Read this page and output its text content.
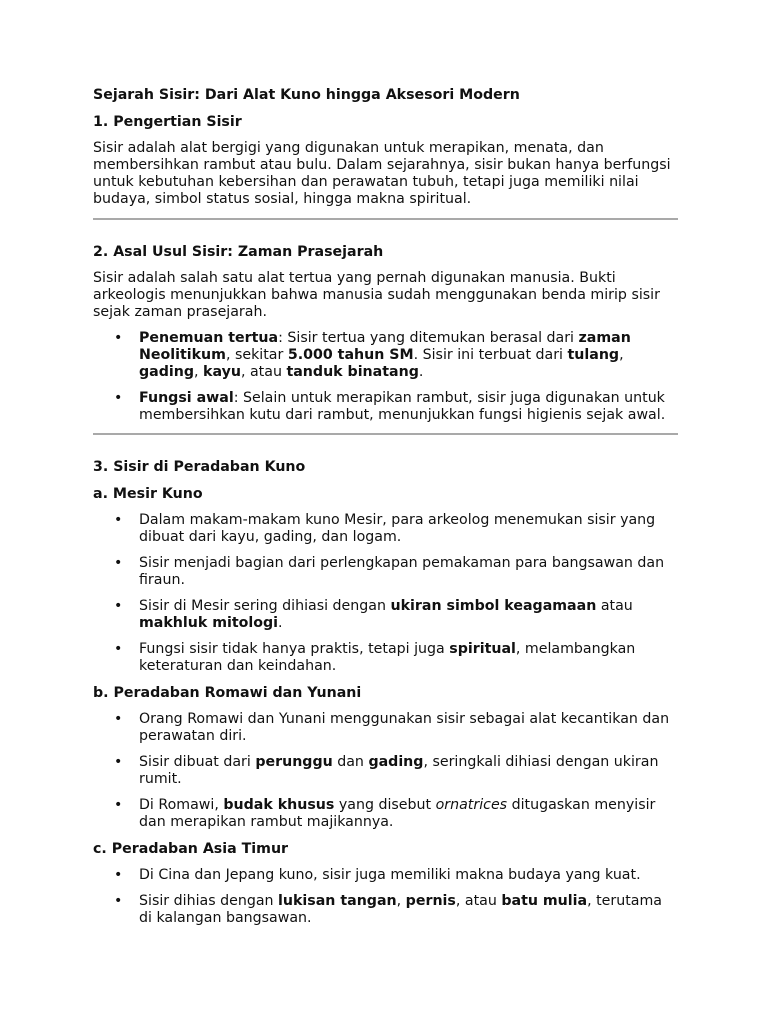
Sejarah Sisir: Dari Alat Kuno hingga Aksesori Modern
1. Pengertian Sisir

Sisir adalah alat bergigi yang digunakan untuk merapikan, menata, dan membersihkan rambut atau bulu. Dalam sejarahnya, sisir bukan hanya berfungsi untuk kebutuhan kebersihan dan perawatan tubuh, tetapi juga memiliki nilai budaya, simbol status sosial, hingga makna spiritual.

2. Asal Usul Sisir: Zaman Prasejarah

Sisir adalah salah satu alat tertua yang pernah digunakan manusia. Bukti arkeologis menunjukkan bahwa manusia sudah menggunakan benda mirip sisir sejak zaman prasejarah.

• Penemuan tertua: Sisir tertua yang ditemukan berasal dari zaman Neolitikum, sekitar 5.000 tahun SM. Sisir ini terbuat dari tulang, gading, kayu, atau tanduk binatang.
• Fungsi awal: Selain untuk merapikan rambut, sisir juga digunakan untuk membersihkan kutu dari rambut, menunjukkan fungsi higienis sejak awal.
3. Sisir di Peradaban Kuno
a. Mesir Kuno
• Dalam makam-makam kuno Mesir, para arkeolog menemukan sisir yang dibuat dari kayu, gading, dan logam.
• Sisir menjadi bagian dari perlengkapan pemakaman para bangsawan dan firaun.
• Sisir di Mesir sering dihiasi dengan ukiran simbol keagamaan atau makhluk mitologi.
• Fungsi sisir tidak hanya praktis, tetapi juga spiritual, melambangkan keteraturan dan keindahan.
b. Peradaban Romawi dan Yunani
• Orang Romawi dan Yunani menggunakan sisir sebagai alat kecantikan dan perawatan diri.
• Sisir dibuat dari perunggu dan gading, seringkali dihiasi dengan ukiran rumit.
• Di Romawi, budak khusus yang disebut ornatrices ditugaskan menyisir dan merapikan rambut majikannya.
c. Peradaban Asia Timur
• Di Cina dan Jepang kuno, sisir juga memiliki makna budaya yang kuat.
• Sisir dihias dengan lukisan tangan, pernis, atau batu mulia, terutama di kalangan bangsawan.
